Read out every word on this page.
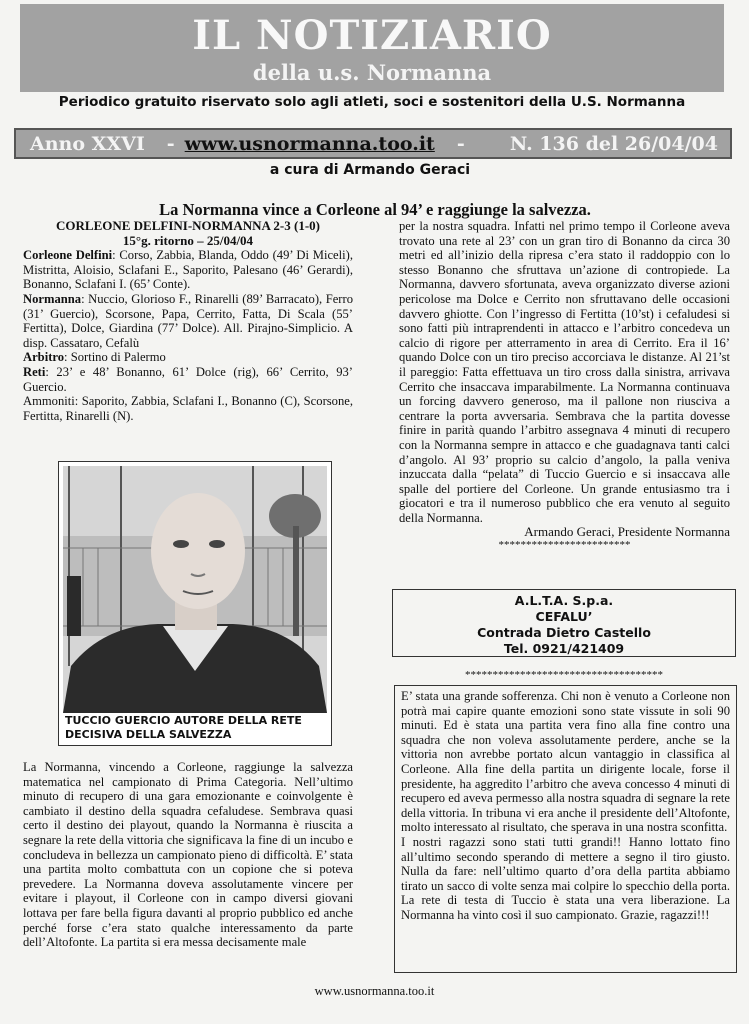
IL NOTIZIARIO
della u.s. Normanna
Periodico gratuito riservato solo agli atleti, soci e sostenitori della U.S. Normanna
Anno XXVI - www.usnormanna.too.it - N. 136 del 26/04/04
a cura di Armando Geraci
La Normanna vince a Corleone al 94’ e raggiunge la salvezza.

CORLEONE DELFINI-NORMANNA 2-3 (1-0)

15°g. ritorno – 25/04/04

Corleone Delfini: Corso, Zabbia, Blanda, Oddo (49’ Di Miceli), Mistritta, Aloisio, Sclafani E., Saporito, Palesano (46’ Gerardi), Bonanno, Sclafani I. (65’ Conte).

Normanna: Nuccio, Glorioso F., Rinarelli (89’ Barracato), Ferro (31’ Guercio), Scorsone, Papa, Cerrito, Fatta, Di Scala (55’ Fertitta), Dolce, Giardina (77’ Dolce). All. Pirajno-Simplicio. A disp. Cassataro, Cefalù

Arbitro: Sortino di Palermo

Reti: 23’ e 48’ Bonanno, 61’ Dolce (rig), 66’ Cerrito, 93’ Guercio.

Ammoniti: Saporito, Zabbia, Sclafani I., Bonanno (C), Scorsone, Fertitta, Rinarelli (N).

TUCCIO GUERCIO AUTORE DELLA RETE DECISIVA DELLA SALVEZZA
La Normanna, vincendo a Corleone, raggiunge la salvezza matematica nel campionato di Prima Categoria. Nell’ultimo minuto di recupero di una gara emozionante e coinvolgente è cambiato il destino della squadra cefaludese. Sembrava quasi certo il destino dei playout, quando la Normanna è riuscita a segnare la rete della vittoria che significava la fine di un incubo e concludeva in bellezza un campionato pieno di difficoltà. E’ stata una partita molto combattuta con un copione che si poteva prevedere. La Normanna doveva assolutamente vincere per evitare i playout, il Corleone con in campo diversi giovani lottava per fare bella figura davanti al proprio pubblico ed anche perché forse c’era stato qualche interessamento da parte dell’Altofonte. La partita si era messa decisamente male

per la nostra squadra. Infatti nel primo tempo il Corleone aveva trovato una rete al 23’ con un gran tiro di Bonanno da circa 30 metri ed all’inizio della ripresa c’era stato il raddoppio con lo stesso Bonanno che sfruttava un’azione di contropiede. La Normanna, davvero sfortunata, aveva organizzato diverse azioni pericolose ma Dolce e Cerrito non sfruttavano delle occasioni davvero ghiotte. Con l’ingresso di Fertitta (10’st) i cefaludesi si sono fatti più intraprendenti in attacco e l’arbitro concedeva un calcio di rigore per atterramento in area di Cerrito. Era il 16’ quando Dolce con un tiro preciso accorciava le distanze. Al 21’st il pareggio: Fatta effettuava un tiro cross dalla sinistra, arrivava Cerrito che insaccava imparabilmente. La Normanna continuava un forcing davvero generoso, ma il pallone non riusciva a centrare la porta avversaria. Sembrava che la partita dovesse finire in parità quando l’arbitro assegnava 4 minuti di recupero con la Normanna sempre in attacco e che guadagnava tanti calci d’angolo. Al 93’ proprio su calcio d’angolo, la palla veniva inzuccata dalla “pelata” di Tuccio Guercio e si insaccava alle spalle del portiere del Corleone. Un grande entusiasmo tra i giocatori e tra il numeroso pubblico che era venuto al seguito della Normanna.

Armando Geraci, Presidente Normanna

************************

A.L.T.A. S.p.a.
CEFALU’
Contrada Dietro Castello
Tel. 0921/421409
************************************

E’ stata una grande sofferenza. Chi non è venuto a Corleone non potrà mai capire quante emozioni sono state vissute in soli 90 minuti. Ed è stata una partita vera fino alla fine contro una squadra che non voleva assolutamente perdere, anche se la vittoria non avrebbe portato alcun vantaggio in classifica al Corleone. Alla fine della partita un dirigente locale, forse il presidente, ha aggredito l’arbitro che aveva concesso 4 minuti di recupero ed aveva permesso alla nostra squadra di segnare la rete della vittoria. In tribuna vi era anche il presidente dell’Altofonte, molto interessato al risultato, che sperava in una nostra sconfitta.

I nostri ragazzi sono stati tutti grandi!! Hanno lottato fino all’ultimo secondo sperando di mettere a segno il tiro giusto. Nulla da fare: nell’ultimo quarto d’ora della partita abbiamo tirato un sacco di volte senza mai colpire lo specchio della porta. La rete di testa di Tuccio è stata una vera liberazione. La Normanna ha vinto così il suo campionato. Grazie, ragazzi!!!

www.usnormanna.too.it
